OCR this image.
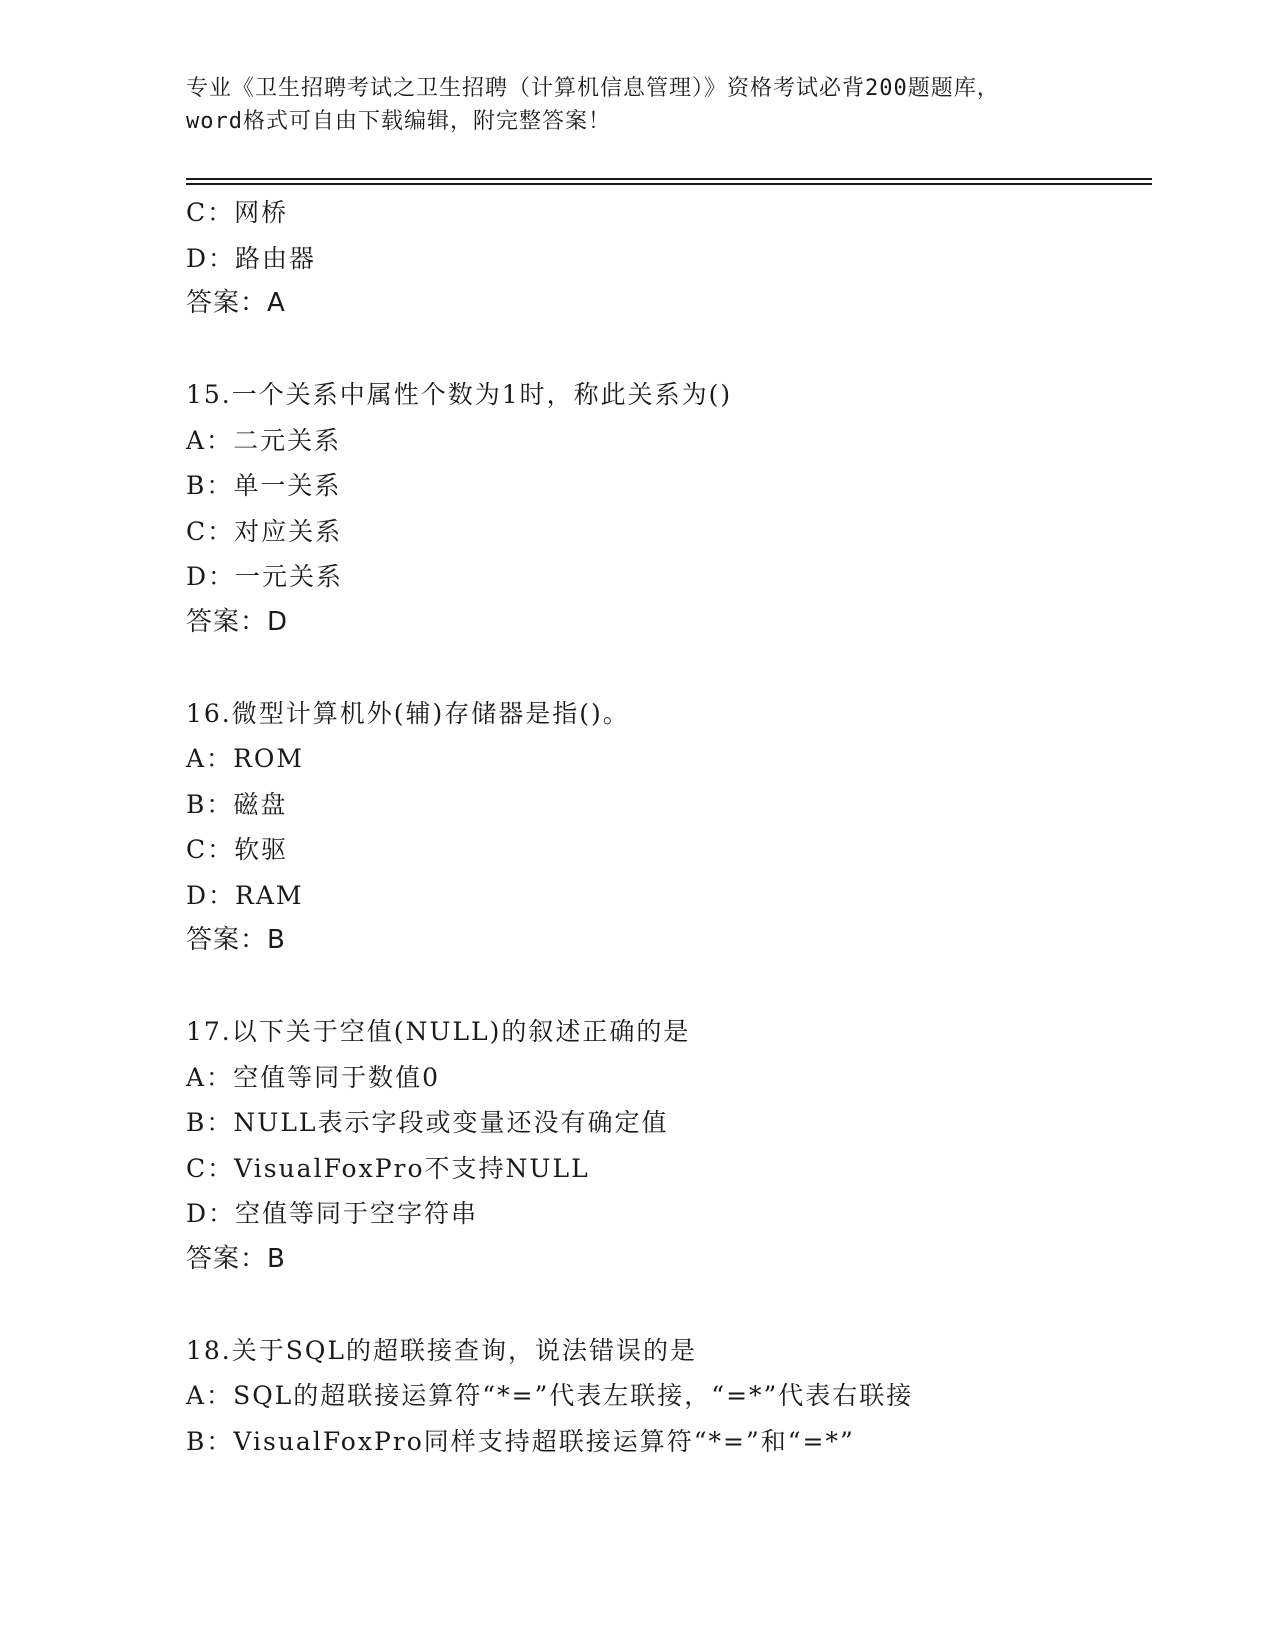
专业《卫生招聘考试之卫生招聘（计算机信息管理）》资格考试必背200题题库，
word格式可自由下载编辑，附完整答案！
C：网桥
D：路由器
答案：A
15.一个关系中属性个数为1时，称此关系为()
A：二元关系
B：单一关系
C：对应关系
D：一元关系
答案：D
16.微型计算机外(辅)存储器是指()。
A：ROM
B：磁盘
C：软驱
D：RAM
答案：B
17.以下关于空值(NULL)的叙述正确的是
A：空值等同于数值0
B：NULL表示字段或变量还没有确定值
C：VisualFoxPro不支持NULL
D：空值等同于空字符串
答案：B
18.关于SQL的超联接查询，说法错误的是
A：SQL的超联接运算符“*=”代表左联接，“=*”代表右联接
B：VisualFoxPro同样支持超联接运算符“*=”和“=*”
